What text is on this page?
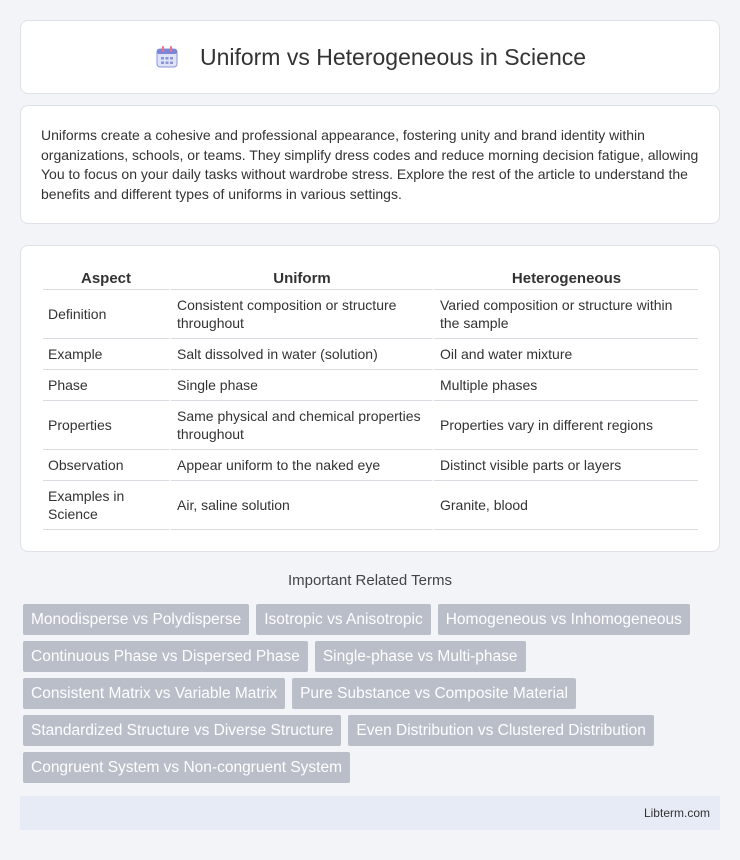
Uniform vs Heterogeneous in Science

Uniforms create a cohesive and professional appearance, fostering unity and brand identity within organizations, schools, or teams. They simplify dress codes and reduce morning decision fatigue, allowing You to focus on your daily tasks without wardrobe stress. Explore the rest of the article to understand the benefits and different types of uniforms in various settings.

Aspect	Uniform	Heterogeneous
Definition	Consistent composition or structure throughout	Varied composition or structure within the sample
Example	Salt dissolved in water (solution)	Oil and water mixture
Phase	Single phase	Multiple phases
Properties	Same physical and chemical properties throughout	Properties vary in different regions
Observation	Appear uniform to the naked eye	Distinct visible parts or layers
Examples in Science	Air, saline solution	Granite, blood
Important Related Terms
Monodisperse vs Polydisperse	Isotropic vs Anisotropic	Homogeneous vs Inhomogeneous
Continuous Phase vs Dispersed Phase	Single-phase vs Multi-phase
Consistent Matrix vs Variable Matrix	Pure Substance vs Composite Material
Standardized Structure vs Diverse Structure	Even Distribution vs Clustered Distribution
Congruent System vs Non-congruent System
Libterm.com
